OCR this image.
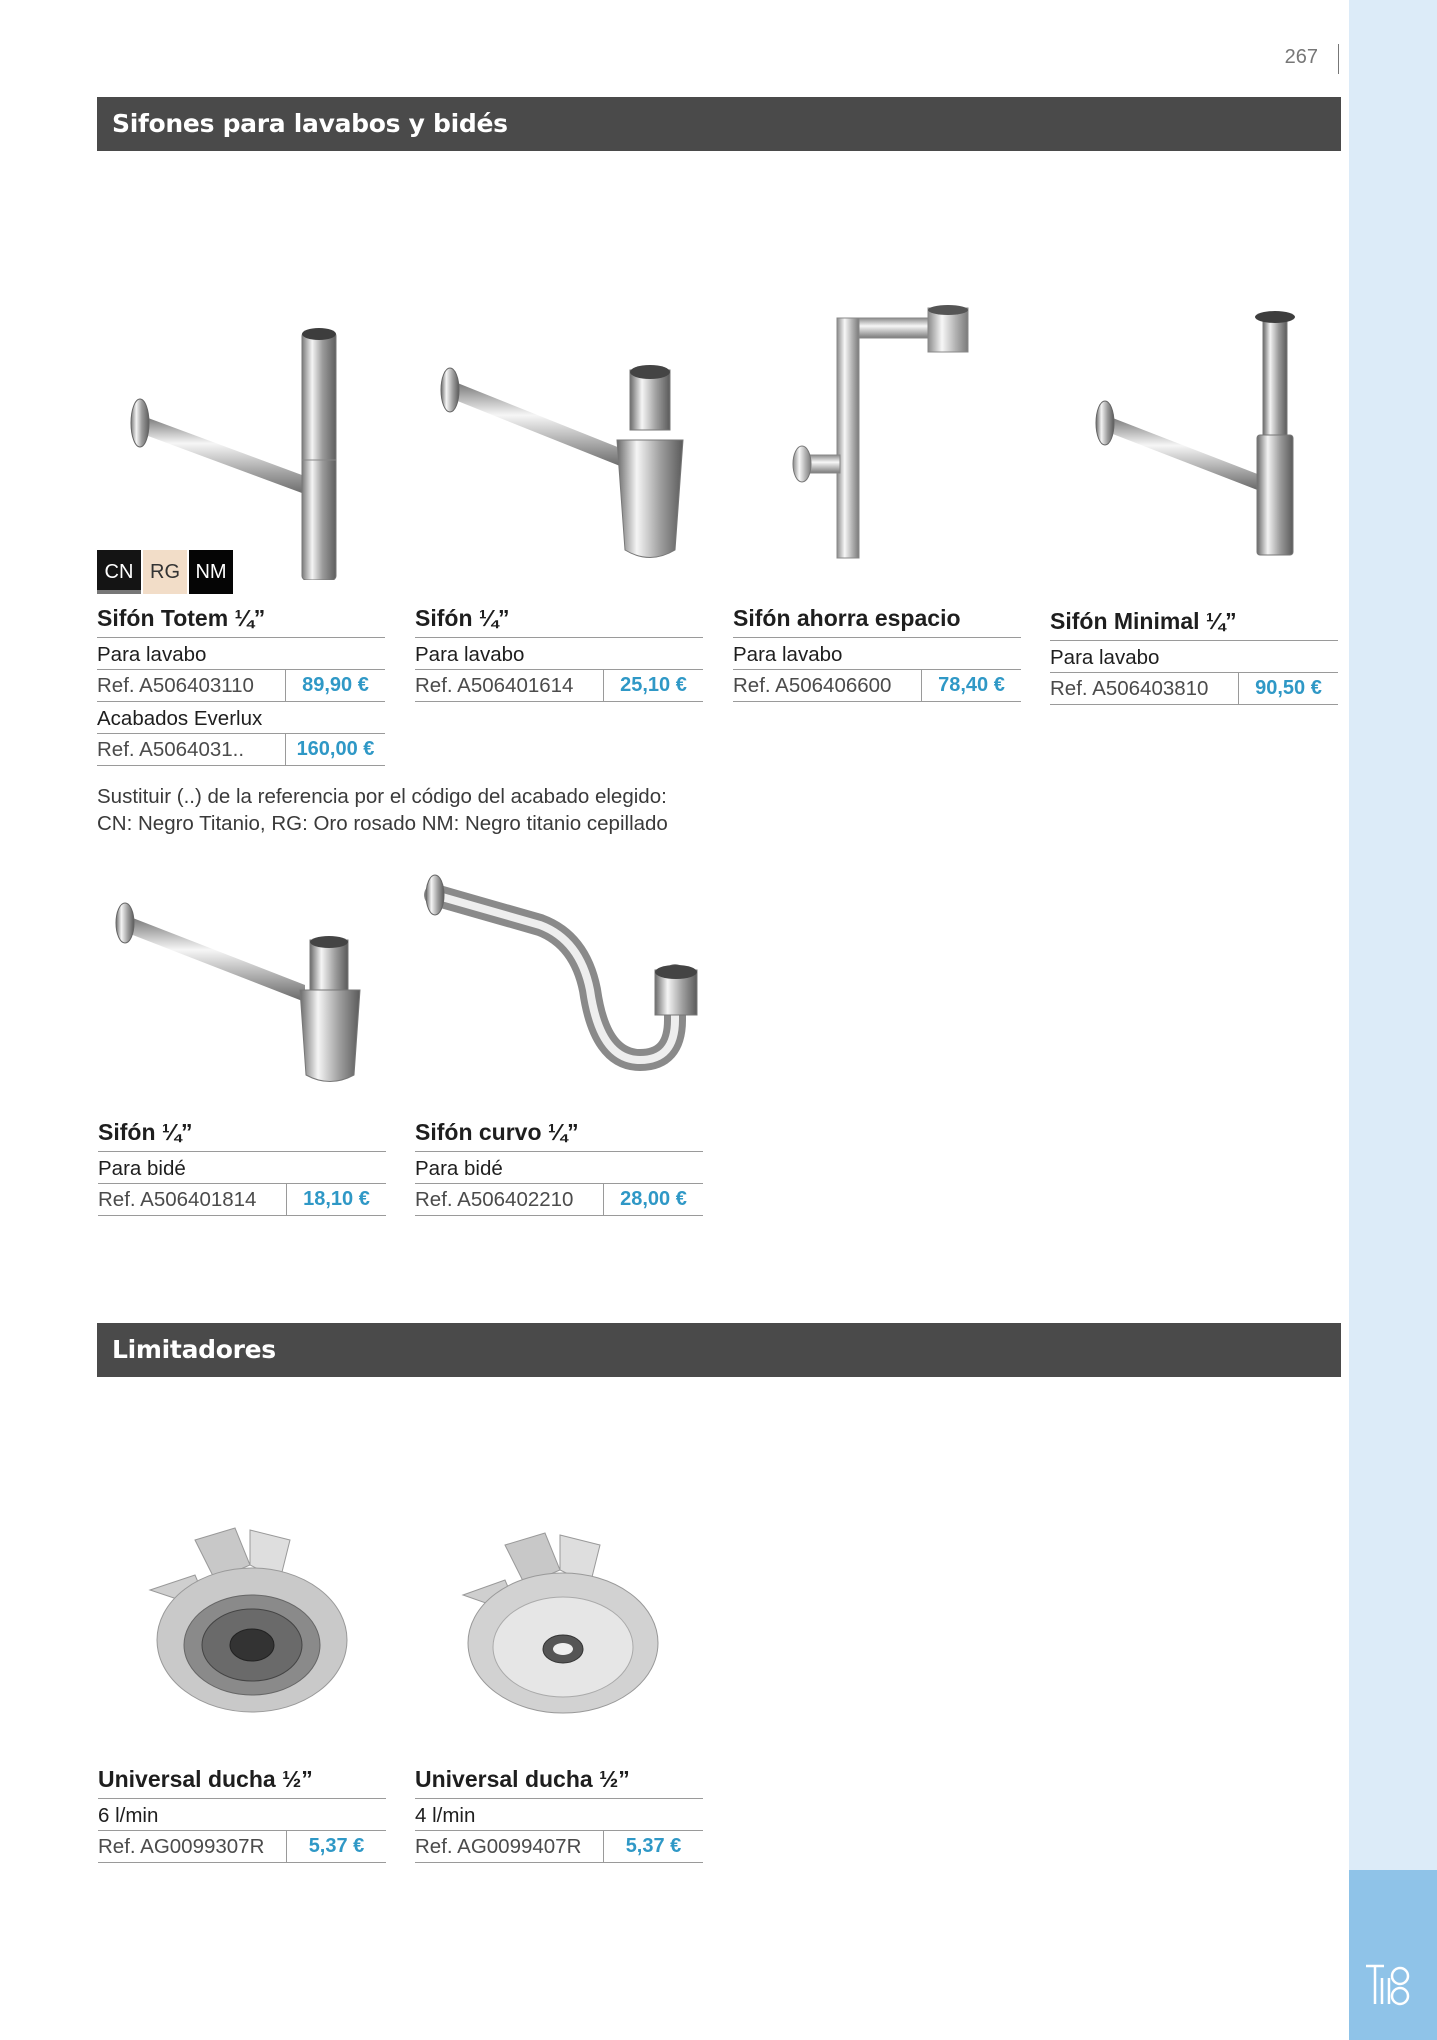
267
Sifones para lavabos y bidés
Limitadores
CN RG NM
Sifón Totem ¼”
Para lavabo
Ref. A506403110	89,90 €
Acabados Everlux
Ref. A5064031..	160,00 €
Sifón ¼”
Para lavabo
Ref. A506401614	25,10 €
Sifón ahorra espacio
Para lavabo
Ref. A506406600	78,40 €
Sifón Minimal ¼”
Para lavabo
Ref. A506403810	90,50 €
Sustituir (..) de la referencia por el código del acabado elegido:
CN: Negro Titanio, RG: Oro rosado NM: Negro titanio cepillado
Sifón ¼”
Para bidé
Ref. A506401814	18,10 €
Sifón curvo ¼”
Para bidé
Ref. A506402210	28,00 €
Universal ducha ½”
6 l/min
Ref. AG0099307R	5,37 €
Universal ducha ½”
4 l/min
Ref. AG0099407R	5,37 €
